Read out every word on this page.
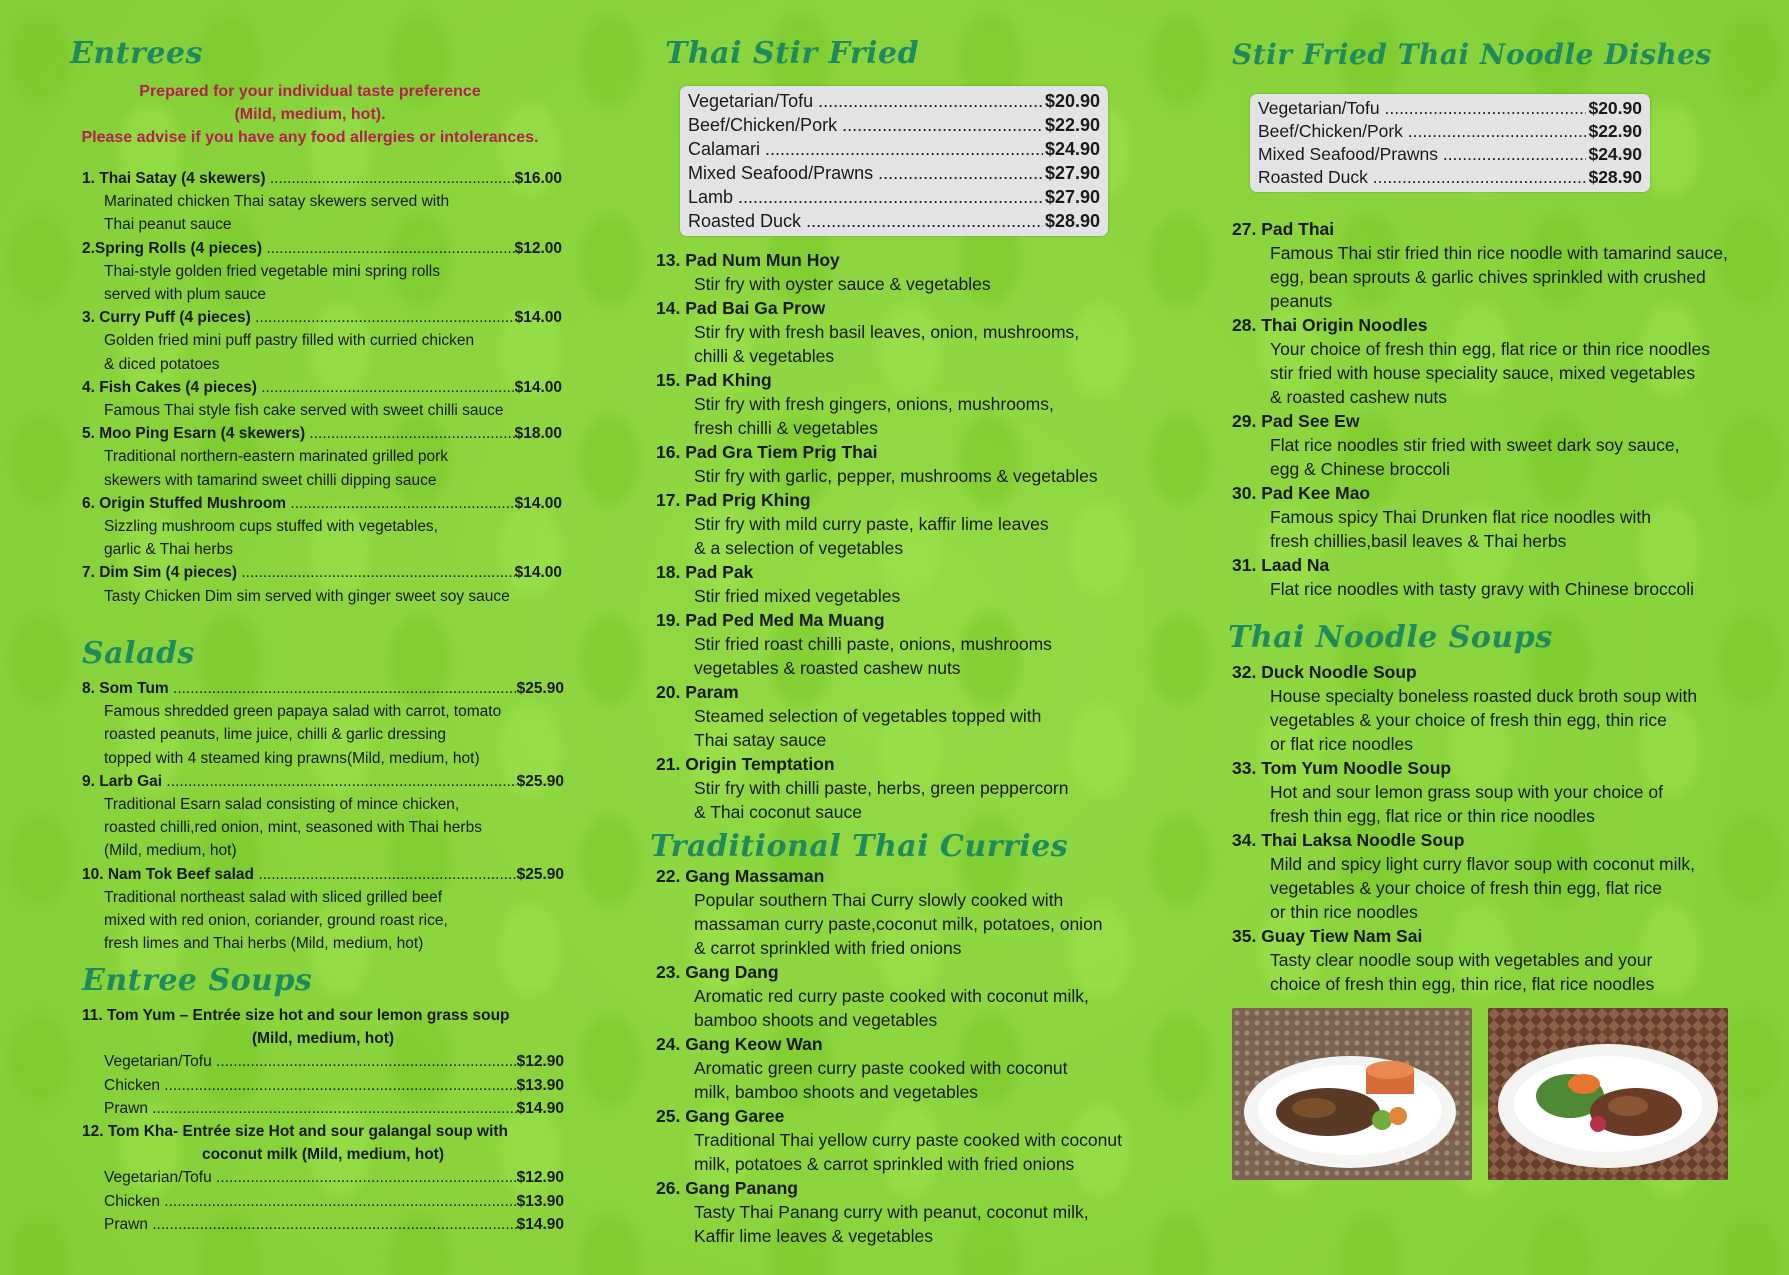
Entrees
Prepared for your individual taste preference
(Mild, medium, hot).
Please advise if you have any food allergies or intolerances.
1. Thai Satay (4 skewers) .....	$16.00
Marinated chicken Thai satay skewers served with
Thai peanut sauce
2.Spring Rolls (4 pieces) .....	$12.00
Thai-style golden fried vegetable mini spring rolls
served with plum sauce
3. Curry Puff (4 pieces) .....	$14.00
Golden fried mini puff pastry filled with curried chicken
& diced potatoes
4. Fish Cakes (4 pieces) .....	$14.00
Famous Thai style fish cake served with sweet chilli sauce
5. Moo Ping Esarn (4 skewers) .....	$18.00
Traditional northern-eastern marinated grilled pork
skewers with tamarind sweet chilli dipping sauce
6. Origin Stuffed Mushroom .....	$14.00
Sizzling mushroom cups stuffed with vegetables,
garlic & Thai herbs
7. Dim Sim (4 pieces) .....	$14.00
Tasty Chicken Dim sim served with ginger sweet soy sauce
Salads
8. Som Tum .....	$25.90
Famous shredded green papaya salad with carrot, tomato
roasted peanuts, lime juice, chilli & garlic dressing
topped with 4 steamed king prawns(Mild, medium, hot)
9. Larb Gai .....	$25.90
Traditional Esarn salad consisting of mince chicken,
roasted chilli,red onion, mint, seasoned with Thai herbs
(Mild, medium, hot)
10. Nam Tok Beef salad .....	$25.90
Traditional northeast salad with sliced grilled beef
mixed with red onion, coriander, ground roast rice,
fresh limes and Thai herbs (Mild, medium, hot)
Entree Soups
11. Tom Yum – Entrée size hot and sour lemon grass soup
(Mild, medium, hot)
Vegetarian/Tofu .....	$12.90
Chicken .....	$13.90
Prawn .....	$14.90
12. Tom Kha- Entrée size Hot and sour galangal soup with
coconut milk (Mild, medium, hot)
Vegetarian/Tofu .....	$12.90
Chicken .....	$13.90
Prawn .....	$14.90
Thai Stir Fried
Vegetarian/Tofu .....	$20.90
Beef/Chicken/Pork .....	$22.90
Calamari .....	$24.90
Mixed Seafood/Prawns .....	$27.90
Lamb .....	$27.90
Roasted Duck .....	$28.90
13. Pad Num Mun Hoy
Stir fry with oyster sauce & vegetables
14. Pad Bai Ga Prow
Stir fry with fresh basil leaves, onion, mushrooms,
chilli & vegetables
15. Pad Khing
Stir fry with fresh gingers, onions, mushrooms,
fresh chilli & vegetables
16. Pad Gra Tiem Prig Thai
Stir fry with garlic, pepper, mushrooms & vegetables
17. Pad Prig Khing
Stir fry with mild curry paste, kaffir lime leaves
& a selection of vegetables
18. Pad Pak
Stir fried mixed vegetables
19. Pad Ped Med Ma Muang
Stir fried roast chilli paste, onions, mushrooms
vegetables & roasted cashew nuts
20. Param
Steamed selection of vegetables topped with
Thai satay sauce
21. Origin Temptation
Stir fry with chilli paste, herbs, green peppercorn
& Thai coconut sauce
Traditional Thai Curries
22. Gang Massaman
Popular southern Thai Curry slowly cooked with
massaman curry paste,coconut milk, potatoes, onion
& carrot sprinkled with fried onions
23. Gang Dang
Aromatic red curry paste cooked with coconut milk,
bamboo shoots and vegetables
24. Gang Keow Wan
Aromatic green curry paste cooked with coconut
milk, bamboo shoots and vegetables
25. Gang Garee
Traditional Thai yellow curry paste cooked with coconut
milk, potatoes & carrot sprinkled with fried onions
26. Gang Panang
Tasty Thai Panang curry with peanut, coconut milk,
Kaffir lime leaves & vegetables
Stir Fried Thai Noodle Dishes
Vegetarian/Tofu .....	$20.90
Beef/Chicken/Pork .....	$22.90
Mixed Seafood/Prawns .....	$24.90
Roasted Duck .....	$28.90
27. Pad Thai
Famous Thai stir fried thin rice noodle with tamarind sauce,
egg, bean sprouts & garlic chives sprinkled with crushed
peanuts
28. Thai Origin Noodles
Your choice of fresh thin egg, flat rice or thin rice noodles
stir fried with house speciality sauce, mixed vegetables
& roasted cashew nuts
29. Pad See Ew
Flat rice noodles stir fried with sweet dark soy sauce,
egg & Chinese broccoli
30. Pad Kee Mao
Famous spicy Thai Drunken flat rice noodles with
fresh chillies,basil leaves & Thai herbs
31. Laad Na
Flat rice noodles with tasty gravy with Chinese broccoli
Thai Noodle Soups
32. Duck Noodle Soup
House specialty boneless roasted duck broth soup with
vegetables & your choice of fresh thin egg, thin rice
or flat rice noodles
33. Tom Yum Noodle Soup
Hot and sour lemon grass soup with your choice of
fresh thin egg, flat rice or thin rice noodles
34. Thai Laksa Noodle Soup
Mild and spicy light curry flavor soup with coconut milk,
vegetables & your choice of fresh thin egg, flat rice
or thin rice noodles
35. Guay Tiew Nam Sai
Tasty clear noodle soup with vegetables and your
choice of fresh thin egg, thin rice, flat rice noodles
